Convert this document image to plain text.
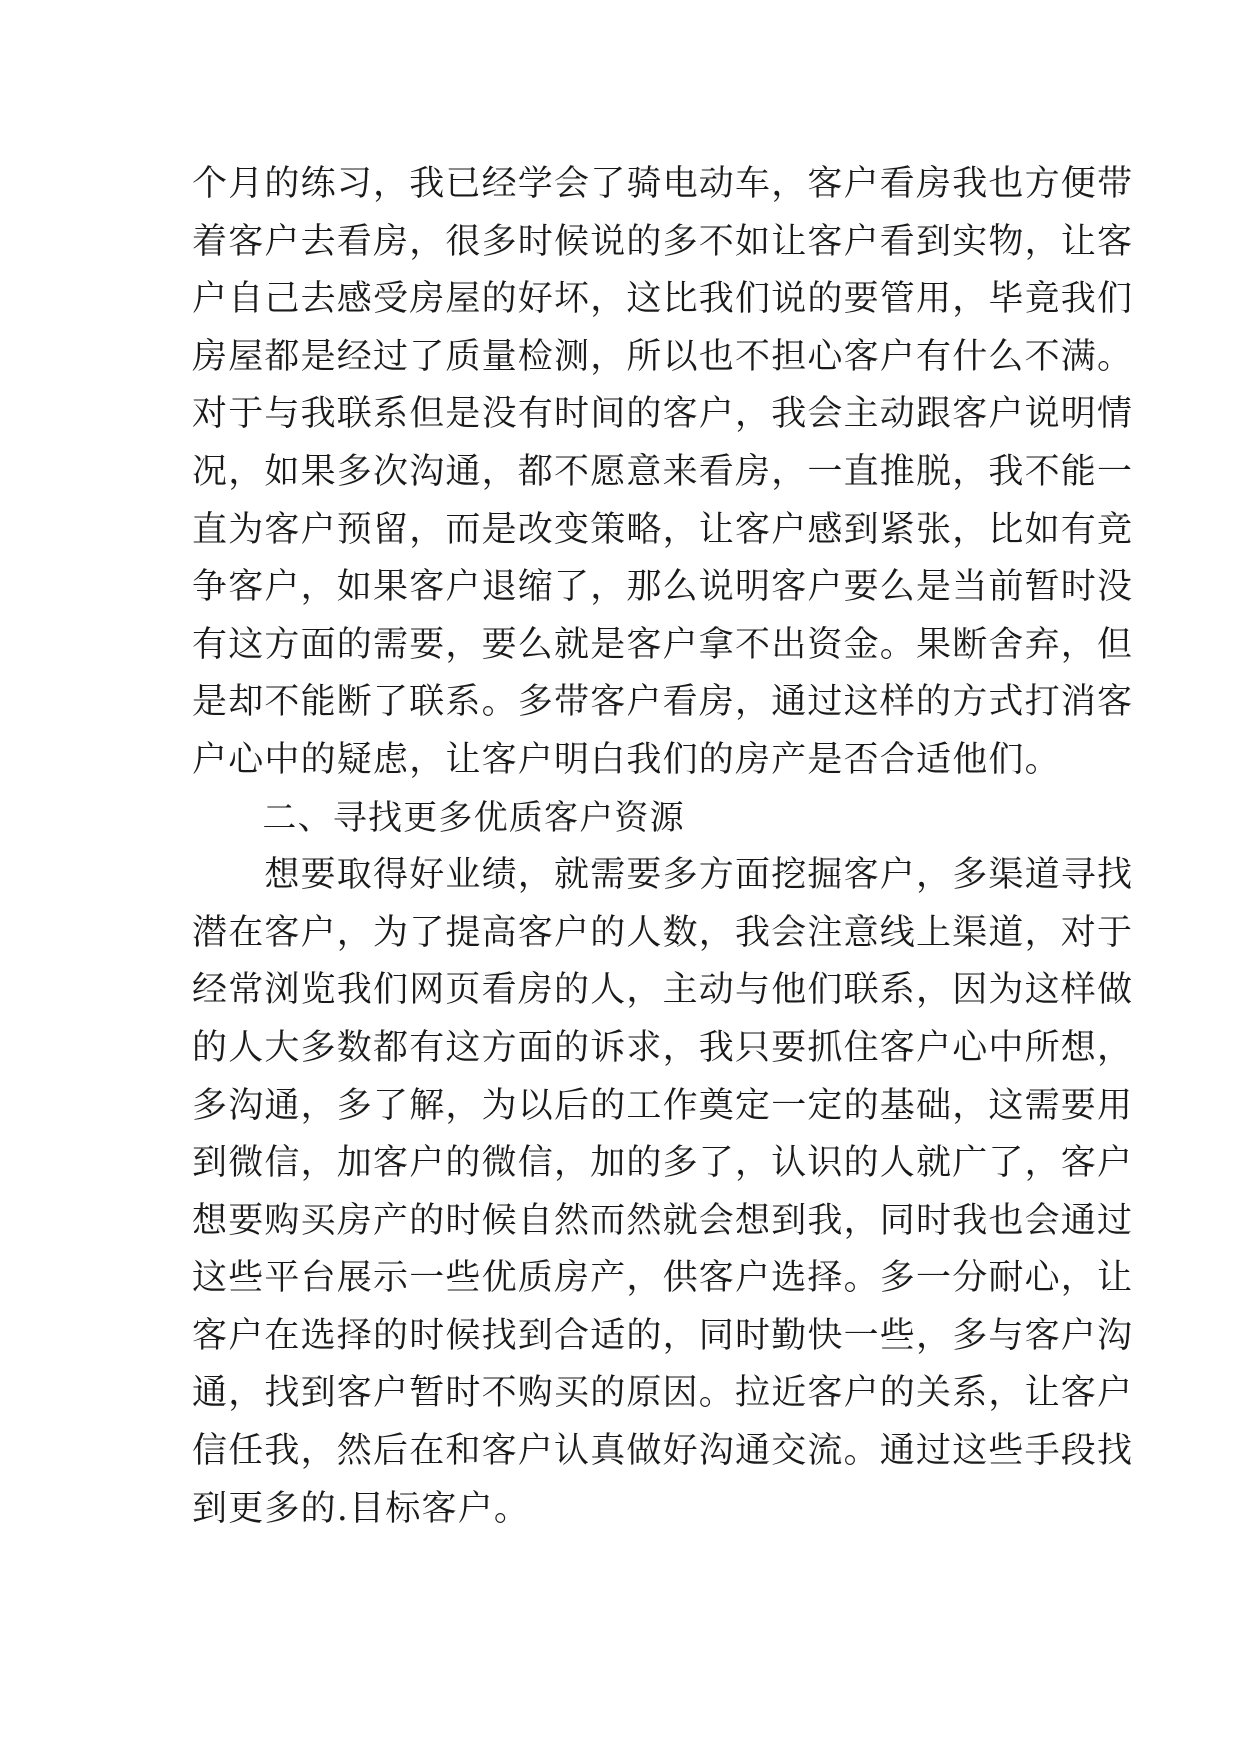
个月的练习，我已经学会了骑电动车，客户看房我也方便带
着客户去看房，很多时候说的多不如让客户看到实物，让客
户自己去感受房屋的好坏，这比我们说的要管用，毕竟我们
房屋都是经过了质量检测，所以也不担心客户有什么不满。
对于与我联系但是没有时间的客户，我会主动跟客户说明情
况，如果多次沟通，都不愿意来看房，一直推脱，我不能一
直为客户预留，而是改变策略，让客户感到紧张，比如有竞
争客户，如果客户退缩了，那么说明客户要么是当前暂时没
有这方面的需要，要么就是客户拿不出资金。果断舍弃，但
是却不能断了联系。多带客户看房，通过这样的方式打消客
户心中的疑虑，让客户明白我们的房产是否合适他们。
　　二、寻找更多优质客户资源
　　想要取得好业绩，就需要多方面挖掘客户，多渠道寻找
潜在客户，为了提高客户的人数，我会注意线上渠道，对于
经常浏览我们网页看房的人，主动与他们联系，因为这样做
的人大多数都有这方面的诉求，我只要抓住客户心中所想，
多沟通，多了解，为以后的工作奠定一定的基础，这需要用
到微信，加客户的微信，加的多了，认识的人就广了，客户
想要购买房产的时候自然而然就会想到我，同时我也会通过
这些平台展示一些优质房产，供客户选择。多一分耐心，让
客户在选择的时候找到合适的，同时勤快一些，多与客户沟
通，找到客户暂时不购买的原因。拉近客户的关系，让客户
信任我，然后在和客户认真做好沟通交流。通过这些手段找
到更多的.目标客户。
